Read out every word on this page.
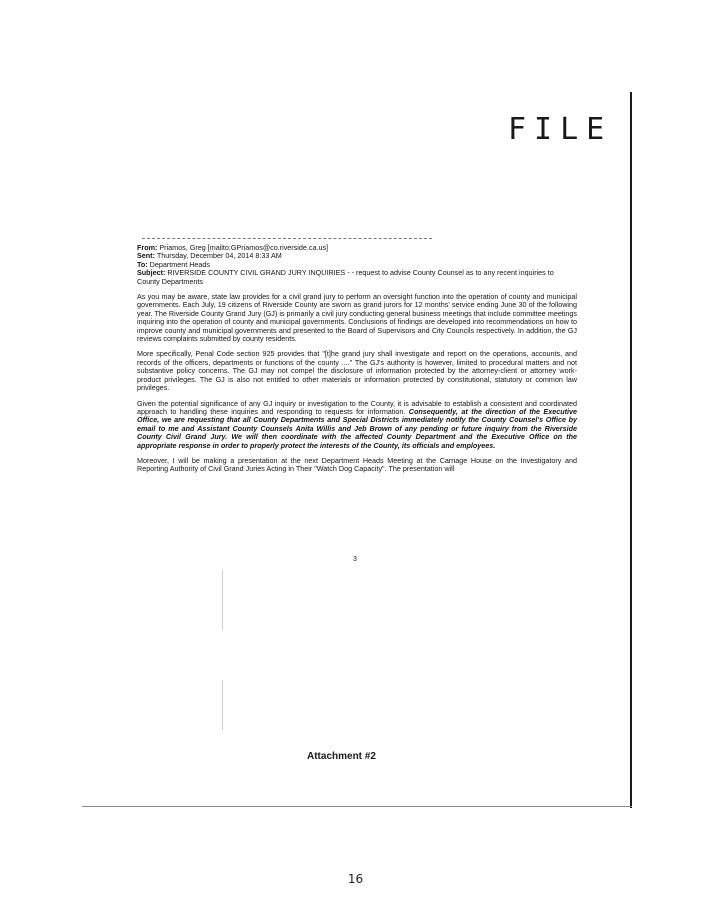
FILE
From: Priamos, Greg [mailto:GPriamos@co.riverside.ca.us]
Sent: Thursday, December 04, 2014 8:33 AM
To: Department Heads
Subject: RIVERSIDE COUNTY CIVIL GRAND JURY INQUIRIES - - request to advise County Counsel as to any recent inquiries to County Departments

As you may be aware, state law provides for a civil grand jury to perform an oversight function into the operation of county and municipal governments. Each July, 19 citizens of Riverside County are sworn as grand jurors for 12 months' service ending June 30 of the following year. The Riverside County Grand Jury (GJ) is primarily a civil jury conducting general business meetings that include committee meetings inquiring into the operation of county and municipal governments. Conclusions of findings are developed into recommendations on how to improve county and municipal governments and presented to the Board of Supervisors and City Councils respectively. In addition, the GJ reviews complaints submitted by county residents.

More specifically, Penal Code section 925 provides that "[t]he grand jury shall investigate and report on the operations, accounts, and records of the officers, departments or functions of the county ...." The GJ's authority is however, limited to procedural matters and not substantive policy concerns. The GJ may not compel the disclosure of information protected by the attorney-client or attorney work-product privileges. The GJ is also not entitled to other materials or information protected by constitutional, statutory or common law privileges.

Given the potential significance of any GJ inquiry or investigation to the County, it is advisable to establish a consistent and coordinated approach to handling these inquiries and responding to requests for information. Consequently, at the direction of the Executive Office, we are requesting that all County Departments and Special Districts immediately notify the County Counsel's Office by email to me and Assistant County Counsels Anita Willis and Jeb Brown of any pending or future inquiry from the Riverside County Civil Grand Jury. We will then coordinate with the affected County Department and the Executive Office on the appropriate response in order to properly protect the interests of the County, its officials and employees.

Moreover, I will be making a presentation at the next Department Heads Meeting at the Carriage House on the Investigatory and Reporting Authority of Civil Grand Juries Acting in Their "Watch Dog Capacity". The presentation will

3
Attachment #2
16
